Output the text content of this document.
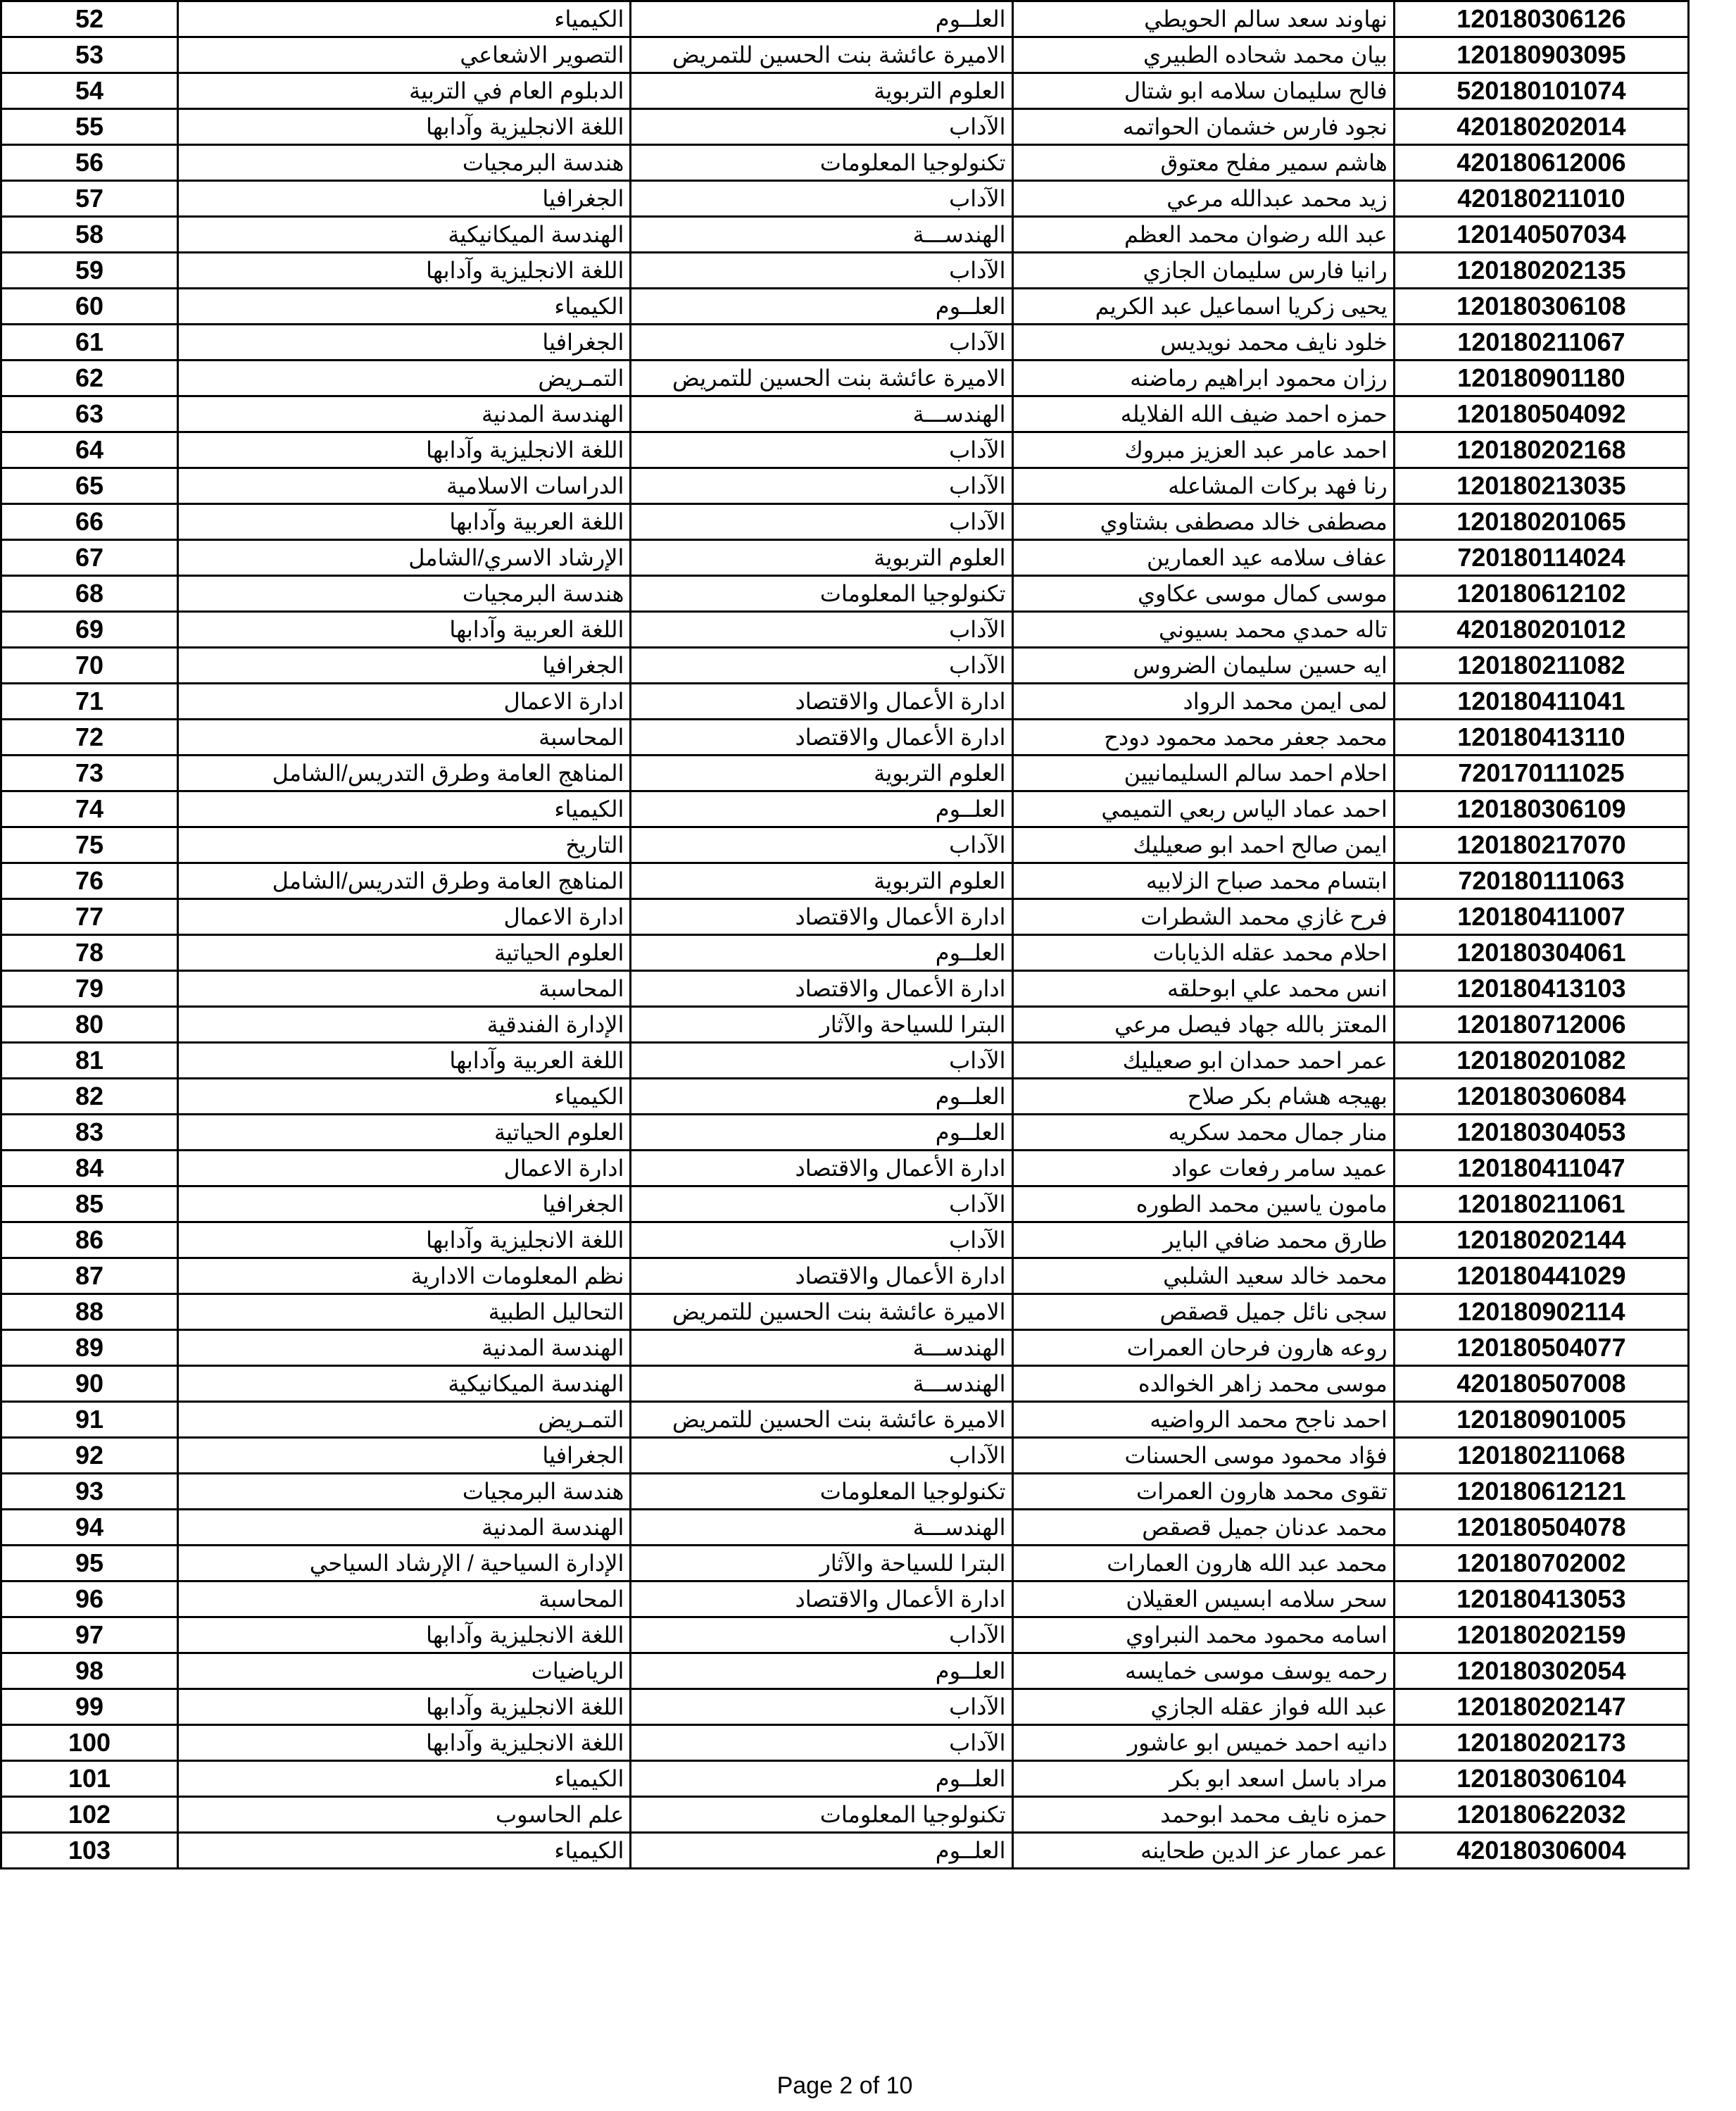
52	الكيمياء	العلــوم	نهاوند سعد سالم الحويطي	120180306126
53	التصوير الاشعاعي	الاميرة عائشة بنت الحسين للتمريض	بيان محمد شحاده الطبيري	120180903095
54	الدبلوم العام في التربية	العلوم التربوية	فالح سليمان سلامه ابو شتال	520180101074
55	اللغة الانجليزية وآدابها	الآداب	نجود فارس خشمان الحواتمه	420180202014
56	هندسة البرمجيات	تكنولوجيا المعلومات	هاشم سمير مفلح معتوق	420180612006
57	الجغرافيا	الآداب	زيد محمد عبدالله مرعي	420180211010
58	الهندسة الميكانيكية	الهندســـة	عبد الله رضوان محمد العظم	120140507034
59	اللغة الانجليزية وآدابها	الآداب	رانيا فارس سليمان الجازي	120180202135
60	الكيمياء	العلــوم	يحيى زكريا اسماعيل عبد الكريم	120180306108
61	الجغرافيا	الآداب	خلود نايف محمد نويديس	120180211067
62	التمـريض	الاميرة عائشة بنت الحسين للتمريض	رزان محمود ابراهيم رماضنه	120180901180
63	الهندسة المدنية	الهندســـة	حمزه احمد ضيف الله الفلايله	120180504092
64	اللغة الانجليزية وآدابها	الآداب	احمد عامر عبد العزيز مبروك	120180202168
65	الدراسات الاسلامية	الآداب	رنا فهد بركات المشاعله	120180213035
66	اللغة العربية وآدابها	الآداب	مصطفى خالد مصطفى بشتاوي	120180201065
67	الإرشاد الاسري/الشامل	العلوم التربوية	عفاف سلامه عيد العمارين	720180114024
68	هندسة البرمجيات	تكنولوجيا المعلومات	موسى كمال موسى عكاوي	120180612102
69	اللغة العربية وآدابها	الآداب	تاله حمدي محمد بسيوني	420180201012
70	الجغرافيا	الآداب	ايه حسين سليمان الضروس	120180211082
71	ادارة الاعمال	ادارة الأعمال والاقتصاد	لمى ايمن محمد الرواد	120180411041
72	المحاسبة	ادارة الأعمال والاقتصاد	محمد جعفر محمد محمود دودح	120180413110
73	المناهج العامة وطرق التدريس/الشامل	العلوم التربوية	احلام احمد سالم السليمانيين	720170111025
74	الكيمياء	العلــوم	احمد عماد الياس ربعي التميمي	120180306109
75	التاريخ	الآداب	ايمن صالح احمد ابو صعيليك	120180217070
76	المناهج العامة وطرق التدريس/الشامل	العلوم التربوية	ابتسام محمد صباح الزلابيه	720180111063
77	ادارة الاعمال	ادارة الأعمال والاقتصاد	فرح غازي محمد الشطرات	120180411007
78	العلوم الحياتية	العلــوم	احلام محمد عقله الذيابات	120180304061
79	المحاسبة	ادارة الأعمال والاقتصاد	انس محمد علي ابوحلقه	120180413103
80	الإدارة الفندقية	البترا للسياحة والآثار	المعتز بالله جهاد فيصل مرعي	120180712006
81	اللغة العربية وآدابها	الآداب	عمر احمد حمدان ابو صعيليك	120180201082
82	الكيمياء	العلــوم	بهيجه هشام بكر صلاح	120180306084
83	العلوم الحياتية	العلــوم	منار جمال محمد سكريه	120180304053
84	ادارة الاعمال	ادارة الأعمال والاقتصاد	عميد سامر رفعات عواد	120180411047
85	الجغرافيا	الآداب	مامون ياسين محمد الطوره	120180211061
86	اللغة الانجليزية وآدابها	الآداب	طارق محمد ضافي الباير	120180202144
87	نظم المعلومات الادارية	ادارة الأعمال والاقتصاد	محمد خالد سعيد الشلبي	120180441029
88	التحاليل الطبية	الاميرة عائشة بنت الحسين للتمريض	سجى نائل جميل قصقص	120180902114
89	الهندسة المدنية	الهندســـة	روعه هارون فرحان العمرات	120180504077
90	الهندسة الميكانيكية	الهندســـة	موسى محمد زاهر الخوالده	420180507008
91	التمـريض	الاميرة عائشة بنت الحسين للتمريض	احمد ناجح محمد الرواضيه	120180901005
92	الجغرافيا	الآداب	فؤاد محمود موسى الحسنات	120180211068
93	هندسة البرمجيات	تكنولوجيا المعلومات	تقوى محمد هارون العمرات	120180612121
94	الهندسة المدنية	الهندســـة	محمد عدنان جميل قصقص	120180504078
95	الإدارة السياحية / الإرشاد السياحي	البترا للسياحة والآثار	محمد عبد الله هارون العمارات	120180702002
96	المحاسبة	ادارة الأعمال والاقتصاد	سحر سلامه ابسيس العقيلان	120180413053
97	اللغة الانجليزية وآدابها	الآداب	اسامه محمود محمد النبراوي	120180202159
98	الرياضيات	العلــوم	رحمه يوسف موسى خمايسه	120180302054
99	اللغة الانجليزية وآدابها	الآداب	عبد الله فواز عقله الجازي	120180202147
100	اللغة الانجليزية وآدابها	الآداب	دانيه احمد خميس ابو عاشور	120180202173
101	الكيمياء	العلــوم	مراد باسل اسعد ابو بكر	120180306104
102	علم الحاسوب	تكنولوجيا المعلومات	حمزه نايف محمد ابوحمد	120180622032
103	الكيمياء	العلــوم	عمر عمار عز الدين طحاينه	420180306004
Page 2 of 10
